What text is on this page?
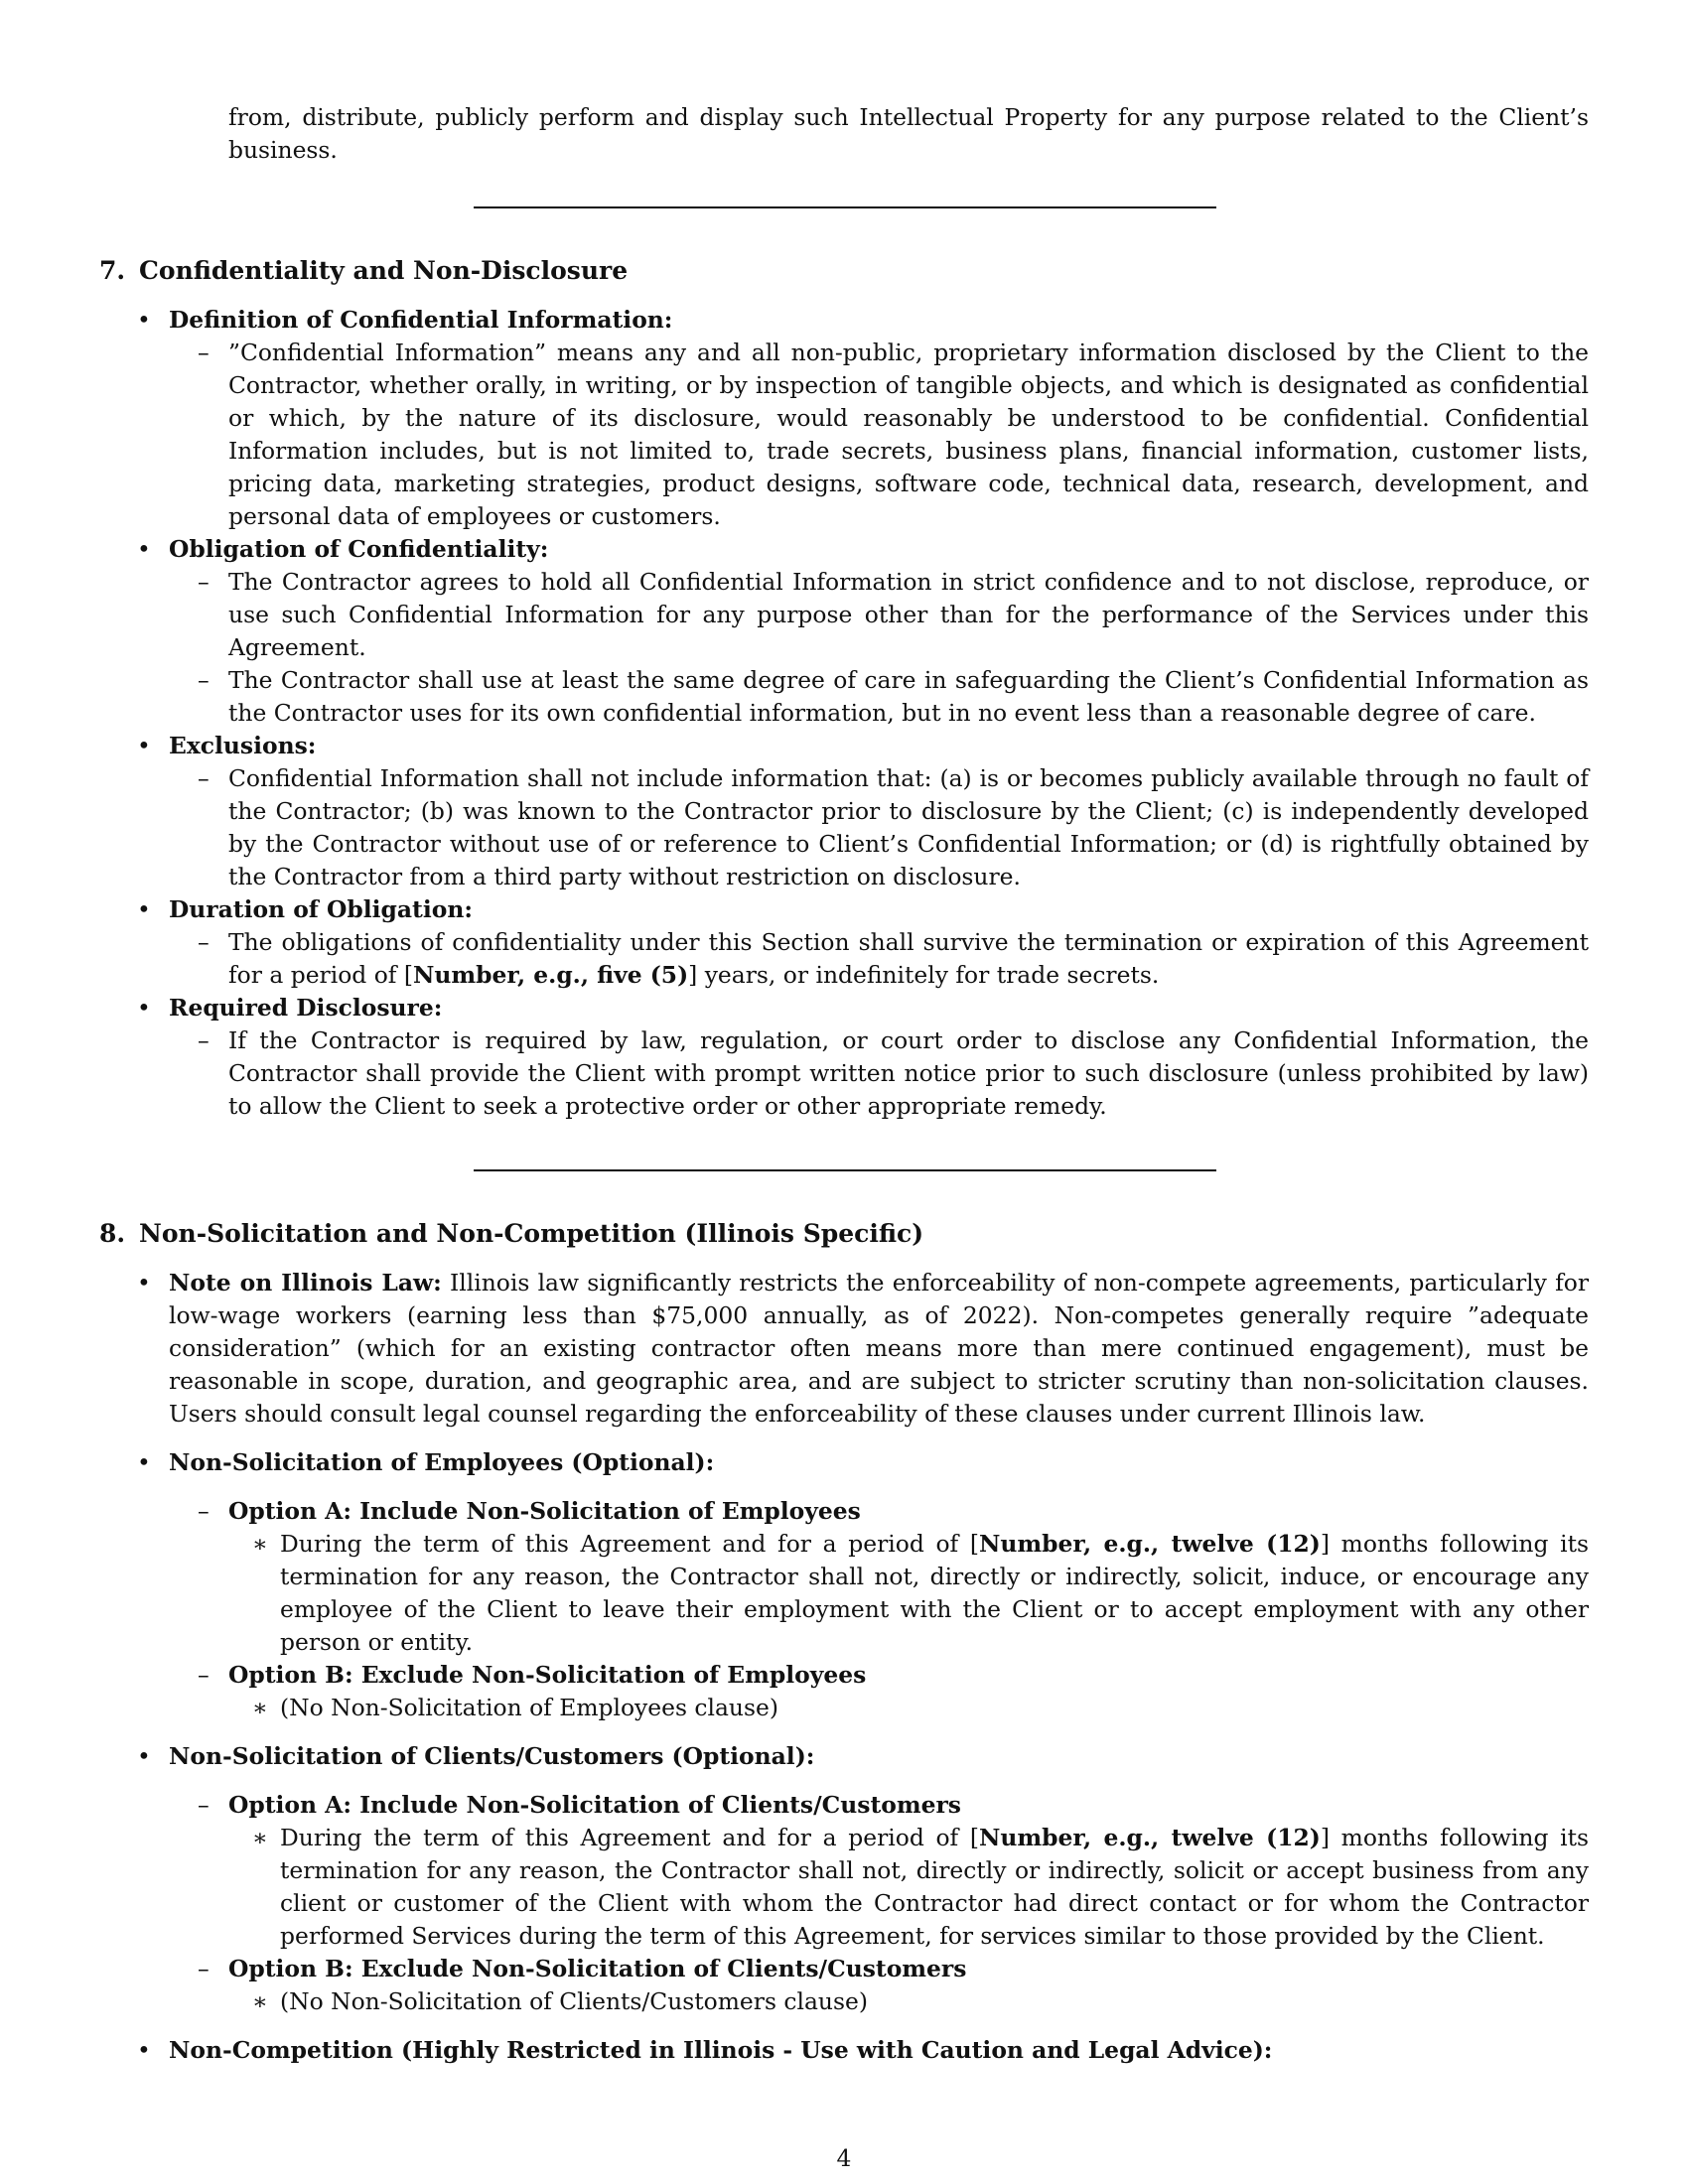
from, distribute, publicly perform and display such Intellectual Property for any purpose related to the Client’s business.
7. Confidentiality and Non-Disclosure
• Definition of Confidential Information:
– ”Confidential Information” means any and all non-public, proprietary information disclosed by the Client to the Contractor, whether orally, in writing, or by inspection of tangible objects, and which is designated as confidential or which, by the nature of its disclosure, would reasonably be understood to be confidential. Confidential Information includes, but is not limited to, trade secrets, business plans, financial information, customer lists, pricing data, marketing strategies, product designs, software code, technical data, research, development, and personal data of employees or customers.
• Obligation of Confidentiality:
– The Contractor agrees to hold all Confidential Information in strict confidence and to not disclose, reproduce, or use such Confidential Information for any purpose other than for the performance of the Services under this Agreement.
– The Contractor shall use at least the same degree of care in safeguarding the Client’s Confidential Information as the Contractor uses for its own confidential information, but in no event less than a reasonable degree of care.
• Exclusions:
– Confidential Information shall not include information that: (a) is or becomes publicly available through no fault of the Contractor; (b) was known to the Contractor prior to disclosure by the Client; (c) is independently developed by the Contractor without use of or reference to Client’s Confidential Information; or (d) is rightfully obtained by the Contractor from a third party without restriction on disclosure.
• Duration of Obligation:
– The obligations of confidentiality under this Section shall survive the termination or expiration of this Agreement for a period of [Number, e.g., five (5)] years, or indefinitely for trade secrets.
• Required Disclosure:
– If the Contractor is required by law, regulation, or court order to disclose any Confidential Information, the Contractor shall provide the Client with prompt written notice prior to such disclosure (unless prohibited by law) to allow the Client to seek a protective order or other appropriate remedy.
8. Non-Solicitation and Non-Competition (Illinois Specific)
• Note on Illinois Law: Illinois law significantly restricts the enforceability of non-compete agreements, particularly for low-wage workers (earning less than $75,000 annually, as of 2022). Non-competes generally require ”adequate consideration” (which for an existing contractor often means more than mere continued engagement), must be reasonable in scope, duration, and geographic area, and are subject to stricter scrutiny than non-solicitation clauses. Users should consult legal counsel regarding the enforceability of these clauses under current Illinois law.
• Non-Solicitation of Employees (Optional):
– Option A: Include Non-Solicitation of Employees
∗ During the term of this Agreement and for a period of [Number, e.g., twelve (12)] months following its termination for any reason, the Contractor shall not, directly or indirectly, solicit, induce, or encourage any employee of the Client to leave their employment with the Client or to accept employment with any other person or entity.
– Option B: Exclude Non-Solicitation of Employees
∗ (No Non-Solicitation of Employees clause)
• Non-Solicitation of Clients/Customers (Optional):
– Option A: Include Non-Solicitation of Clients/Customers
∗ During the term of this Agreement and for a period of [Number, e.g., twelve (12)] months following its termination for any reason, the Contractor shall not, directly or indirectly, solicit or accept business from any client or customer of the Client with whom the Contractor had direct contact or for whom the Contractor performed Services during the term of this Agreement, for services similar to those provided by the Client.
– Option B: Exclude Non-Solicitation of Clients/Customers
∗ (No Non-Solicitation of Clients/Customers clause)
• Non-Competition (Highly Restricted in Illinois - Use with Caution and Legal Advice):
4
